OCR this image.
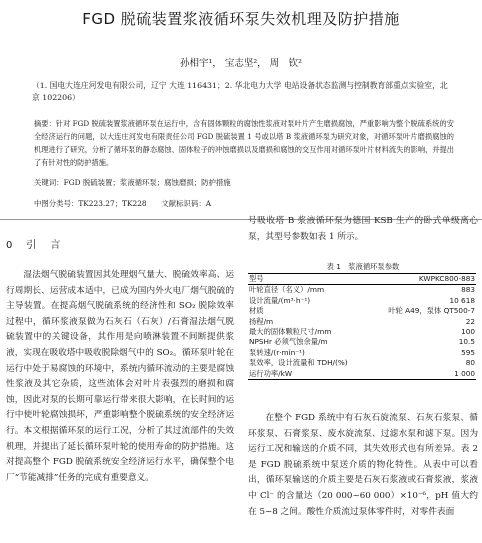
FGD 脱硫装置浆液循环泵失效机理及防护措施
孙相宇¹， 宝志坚²， 周　钦²
（1. 国电大连庄河发电有限公司，辽宁 大连 116431；2. 华北电力大学 电站设备状态监测与控制教育部重点实验室，北京 102206）
摘要：针对 FGD 脱硫装置浆液循环泵在运行中，含有固体颗粒的腐蚀性浆液对泵叶片产生磨损腐蚀，严重影响为整个脱硫系统的安全经济运行的问题，以大连庄河发电有限责任公司 FGD 脱硫装置 1 号或以塔 B 浆液循环泵为研究对象，对循环泵叶片磨损腐蚀的机理进行了研究，分析了循环泵的静态腐蚀、固体粒子的冲蚀磨损以及磨损和腐蚀的交互作用对循环泵叶片材料流失的影响，并提出了有针对性的防护措施。
关键词：FGD 脱硫装置；浆液循环泵；腐蚀磨损；防护措施
中图分类号：TK223.27；TK228　　文献标识码：A
0　引　言
湿法烟气脱硫装置因其处理烟气量大、脱硫效率高、运行周期长、运营成本适中，已成为国内外火电厂烟气脱硫的主导装置。在提高烟气脱硫系统的经济性和 SO₂ 脱除效率过程中，循环浆液泵做为石灰石（石灰）/石膏湿法烟气脱硫装置中的关键设备，其作用是向喷淋装置不间断提供浆液，实现在吸收塔中吸收脱除烟气中的 SO₂。循环泵叶轮在运行中处于易腐蚀的环境中，系统内循环流动的主要是腐蚀性浆液及其它杂质，这些流体会对叶片表强烈的磨损和腐蚀，因此对泵的长期可靠运行带来很大影响，在长时间的运行中使叶轮腐蚀损坏，严重影响整个脱硫系统的安全经济运行。本文根据循环泵的运行工况，分析了其过流部件的失效机理，并提出了延长循环泵叶轮的使用寿命的防护措施。这对提高整个 FGD 脱硫系统安全经济运行水平，确保整个电厂“节能减排”任务的完成有重要意义。
号吸收塔 B 浆液循环泵为德国 KSB 生产的卧式单级离心泵，其型号参数如表 1 所示。
表 1　浆液循环泵参数
型号	KWPKC800-883
叶轮直径（名义）/mm	883
设计流量/(m³·h⁻¹)	10 618
材质	叶轮 A49，泵体 QT500-7
扬程/m	22
最大的固体颗粒尺寸/mm	100
NPSHr 必须气蚀余量/m	10.5
泵转速/(r·min⁻¹)	595
泵效率，设计流量和 TDH/(%)	80
运行功率/kW	1 000
在整个 FGD 系统中有石灰石旋流泵、石灰石浆泵、循环浆泵、石膏浆泵、废水旋流泵、过滤水泵和滤下泵。因为运行工况和输送的介质不同，其失效形式也有所差异。表 2 是 FGD 脱硫系统中泵送介质的物化特性。从表中可以看出，循环泵输送的介质主要是石灰石浆液或石膏浆液，浆液中 Cl⁻ 的含量达（20 000~60 000）×10⁻⁶，pH 值大约在 5~8 之间。酸性介质流过泵体零件时，对零件表面
